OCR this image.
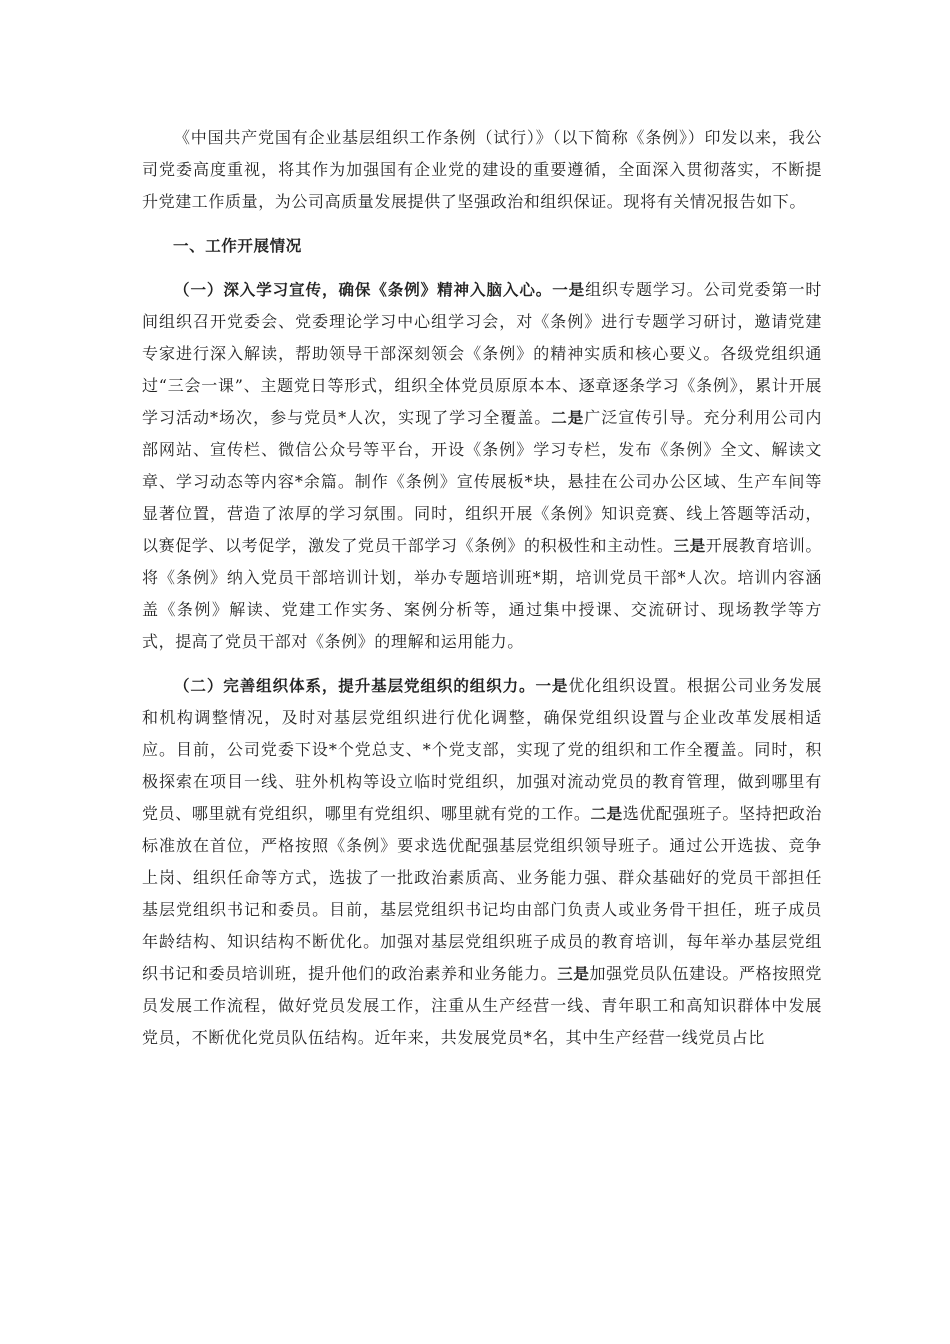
《中国共产党国有企业基层组织工作条例（试行）》（以下简称《条例》）印发以来，我公司党委高度重视，将其作为加强国有企业党的建设的重要遵循，全面深入贯彻落实，不断提升党建工作质量，为公司高质量发展提供了坚强政治和组织保证。现将有关情况报告如下。

一、工作开展情况

（一）深入学习宣传，确保《条例》精神入脑入心。一是组织专题学习。公司党委第一时间组织召开党委会、党委理论学习中心组学习会，对《条例》进行专题学习研讨，邀请党建专家进行深入解读，帮助领导干部深刻领会《条例》的精神实质和核心要义。各级党组织通过“三会一课”、主题党日等形式，组织全体党员原原本本、逐章逐条学习《条例》，累计开展学习活动*场次，参与党员*人次，实现了学习全覆盖。二是广泛宣传引导。充分利用公司内部网站、宣传栏、微信公众号等平台，开设《条例》学习专栏，发布《条例》全文、解读文章、学习动态等内容*余篇。制作《条例》宣传展板*块，悬挂在公司办公区域、生产车间等显著位置，营造了浓厚的学习氛围。同时，组织开展《条例》知识竞赛、线上答题等活动，以赛促学、以考促学，激发了党员干部学习《条例》的积极性和主动性。三是开展教育培训。将《条例》纳入党员干部培训计划，举办专题培训班*期，培训党员干部*人次。培训内容涵盖《条例》解读、党建工作实务、案例分析等，通过集中授课、交流研讨、现场教学等方式，提高了党员干部对《条例》的理解和运用能力。

（二）完善组织体系，提升基层党组织的组织力。一是优化组织设置。根据公司业务发展和机构调整情况，及时对基层党组织进行优化调整，确保党组织设置与企业改革发展相适应。目前，公司党委下设*个党总支、*个党支部，实现了党的组织和工作全覆盖。同时，积极探索在项目一线、驻外机构等设立临时党组织，加强对流动党员的教育管理，做到哪里有党员、哪里就有党组织，哪里有党组织、哪里就有党的工作。二是选优配强班子。坚持把政治标准放在首位，严格按照《条例》要求选优配强基层党组织领导班子。通过公开选拔、竞争上岗、组织任命等方式，选拔了一批政治素质高、业务能力强、群众基础好的党员干部担任基层党组织书记和委员。目前，基层党组织书记均由部门负责人或业务骨干担任，班子成员年龄结构、知识结构不断优化。加强对基层党组织班子成员的教育培训，每年举办基层党组织书记和委员培训班，提升他们的政治素养和业务能力。三是加强党员队伍建设。严格按照党员发展工作流程，做好党员发展工作，注重从生产经营一线、青年职工和高知识群体中发展党员，不断优化党员队伍结构。近年来，共发展党员*名，其中生产经营一线党员占比
